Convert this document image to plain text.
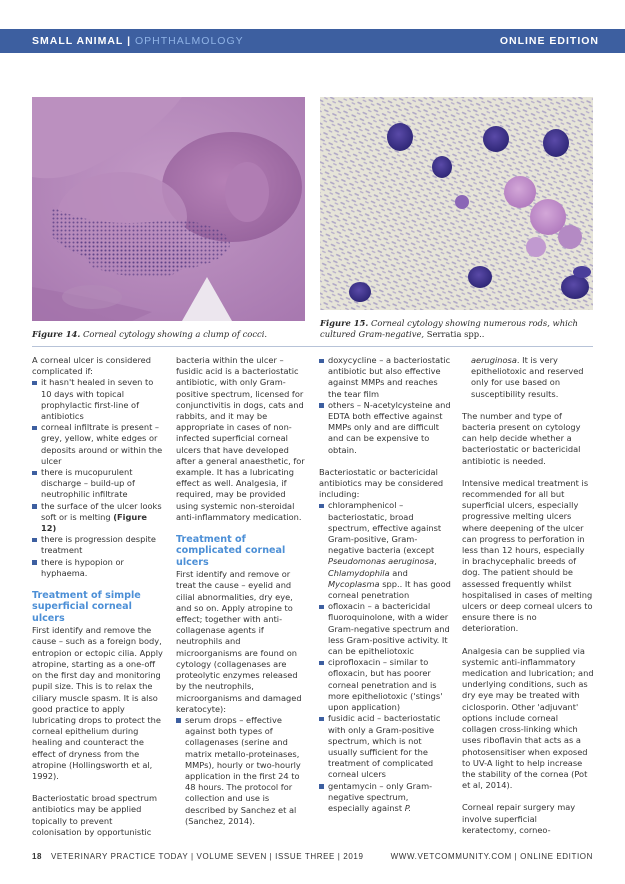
SMALL ANIMAL | OPHTHALMOLOGY	ONLINE EDITION
Figure 14. Corneal cytology showing a clump of cocci.
Figure 15. Corneal cytology showing numerous rods, which cultured Gram-negative, Serratia spp..

A corneal ulcer is considered complicated if:

it hasn't healed in seven to 10 days with topical prophylactic first-line of antibiotics
corneal infiltrate is present – grey, yellow, white edges or deposits around or within the ulcer
there is mucopurulent discharge – build-up of neutrophilic infiltrate
the surface of the ulcer looks soft or is melting (Figure 12)
there is progression despite treatment
there is hypopion or hyphaema.
Treatment of simple superficial corneal ulcers

First identify and remove the cause – such as a foreign body, entropion or ectopic cilia. Apply atropine, starting as a one-off on the first day and monitoring pupil size. This is to relax the ciliary muscle spasm. It is also good practice to apply lubricating drops to protect the corneal epithelium during healing and counteract the effect of dryness from the atropine (Hollingsworth et al, 1992).

Bacteriostatic broad spectrum antibiotics may be applied topically to prevent colonisation by opportunistic

bacteria within the ulcer – fusidic acid is a bacteriostatic antibiotic, with only Gram-positive spectrum, licensed for conjunctivitis in dogs, cats and rabbits, and it may be appropriate in cases of non-infected superficial corneal ulcers that have developed after a general anaesthetic, for example. It has a lubricating effect as well. Analgesia, if required, may be provided using systemic non-steroidal anti-inflammatory medication.

Treatment of complicated corneal ulcers

First identify and remove or treat the cause – eyelid and cilial abnormalities, dry eye, and so on. Apply atropine to effect; together with anti-collagenase agents if neutrophils and microorganisms are found on cytology (collagenases are proteolytic enzymes released by the neutrophils, microorganisms and damaged keratocyte):

serum drops – effective against both types of collagenases (serine and matrix metallo-proteinases, MMPs), hourly or two-hourly application in the first 24 to 48 hours. The protocol for collection and use is described by Sanchez et al (Sanchez, 2014).
doxycycline – a bacteriostatic antibiotic but also effective against MMPs and reaches the tear film
others – N-acetylcysteine and EDTA both effective against MMPs only and are difficult and can be expensive to obtain.

Bacteriostatic or bactericidal antibiotics may be considered including:

chloramphenicol – bacteriostatic, broad spectrum, effective against Gram-positive, Gram-negative bacteria (except Pseudomonas aeruginosa, Chlamydophila and Mycoplasma spp.. It has good corneal penetration
ofloxacin – a bactericidal fluoroquinolone, with a wider Gram-negative spectrum and less Gram-positive activity. It can be epitheliotoxic
ciprofloxacin – similar to ofloxacin, but has poorer corneal penetration and is more epitheliotoxic ('stings' upon application)
fusidic acid – bacteriostatic with only a Gram-positive spectrum, which is not usually sufficient for the treatment of complicated corneal ulcers
gentamycin – only Gram-negative spectrum, especially against P.
aeruginosa. It is very epitheliotoxic and reserved only for use based on susceptibility results.

The number and type of bacteria present on cytology can help decide whether a bacteriostatic or bactericidal antibiotic is needed.

Intensive medical treatment is recommended for all but superficial ulcers, especially progressive melting ulcers where deepening of the ulcer can progress to perforation in less than 12 hours, especially in brachycephalic breeds of dog. The patient should be assessed frequently whilst hospitalised in cases of melting ulcers or deep corneal ulcers to ensure there is no deterioration.

Analgesia can be supplied via systemic anti-inflammatory medication and lubrication; and underlying conditions, such as dry eye may be treated with ciclosporin. Other 'adjuvant' options include corneal collagen cross-linking which uses riboflavin that acts as a photosensitiser when exposed to UV-A light to help increase the stability of the cornea (Pot et al, 2014).

Corneal repair surgery may involve superficial keratectomy, corneo-

18 VETERINARY PRACTICE TODAY | VOLUME SEVEN | ISSUE THREE | 2019	WWW.VETCOMMUNITY.COM | ONLINE EDITION
